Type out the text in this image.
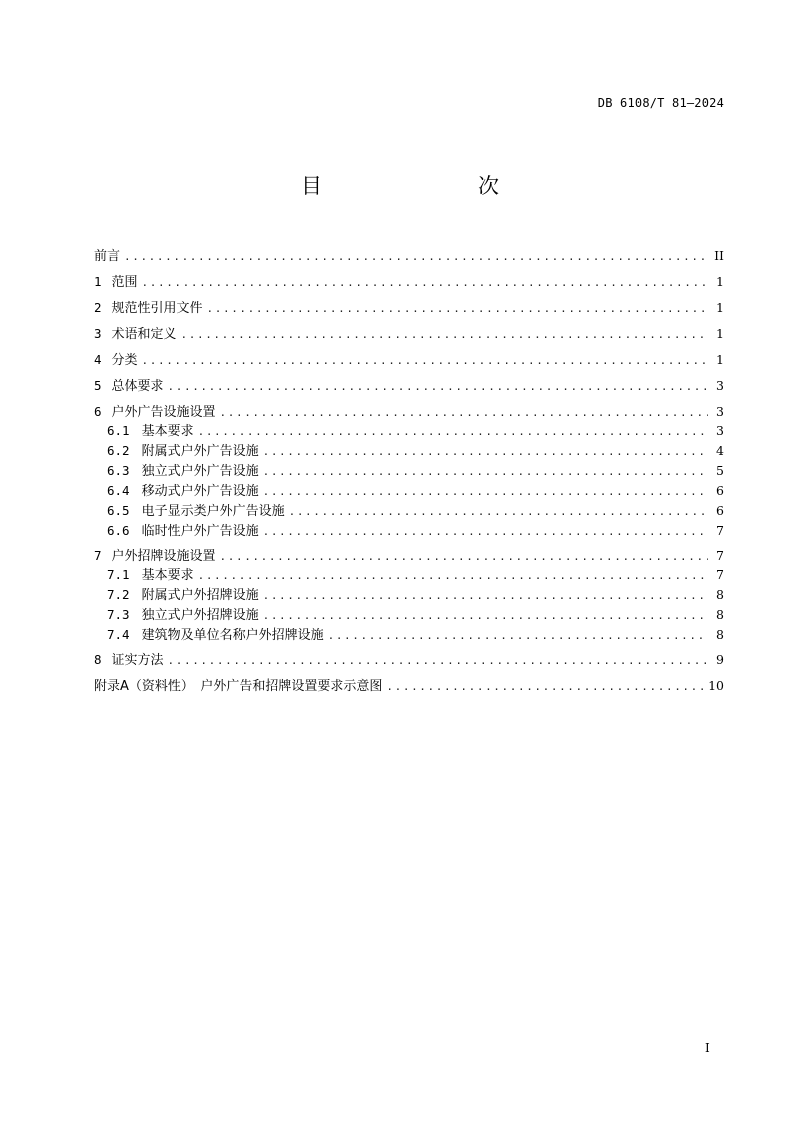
DB 6108/T 81—2024
目　　次
前言 .....	II
1 范围 .....	1
2 规范性引用文件 .....	1
3 术语和定义 .....	1
4 分类 .....	1
5 总体要求 .....	3
6 户外广告设施设置 .....	3
6.1 基本要求 .....	3
6.2 附属式户外广告设施 .....	4
6.3 独立式户外广告设施 .....	5
6.4 移动式户外广告设施 .....	6
6.5 电子显示类户外广告设施 .....	6
6.6 临时性户外广告设施 .....	7
7 户外招牌设施设置 .....	7
7.1 基本要求 .....	7
7.2 附属式户外招牌设施 .....	8
7.3 独立式户外招牌设施 .....	8
7.4 建筑物及单位名称户外招牌设施 .....	8
8 证实方法 .....	9
附录A（资料性）　户外广告和招牌设置要求示意图 .....	10
I
